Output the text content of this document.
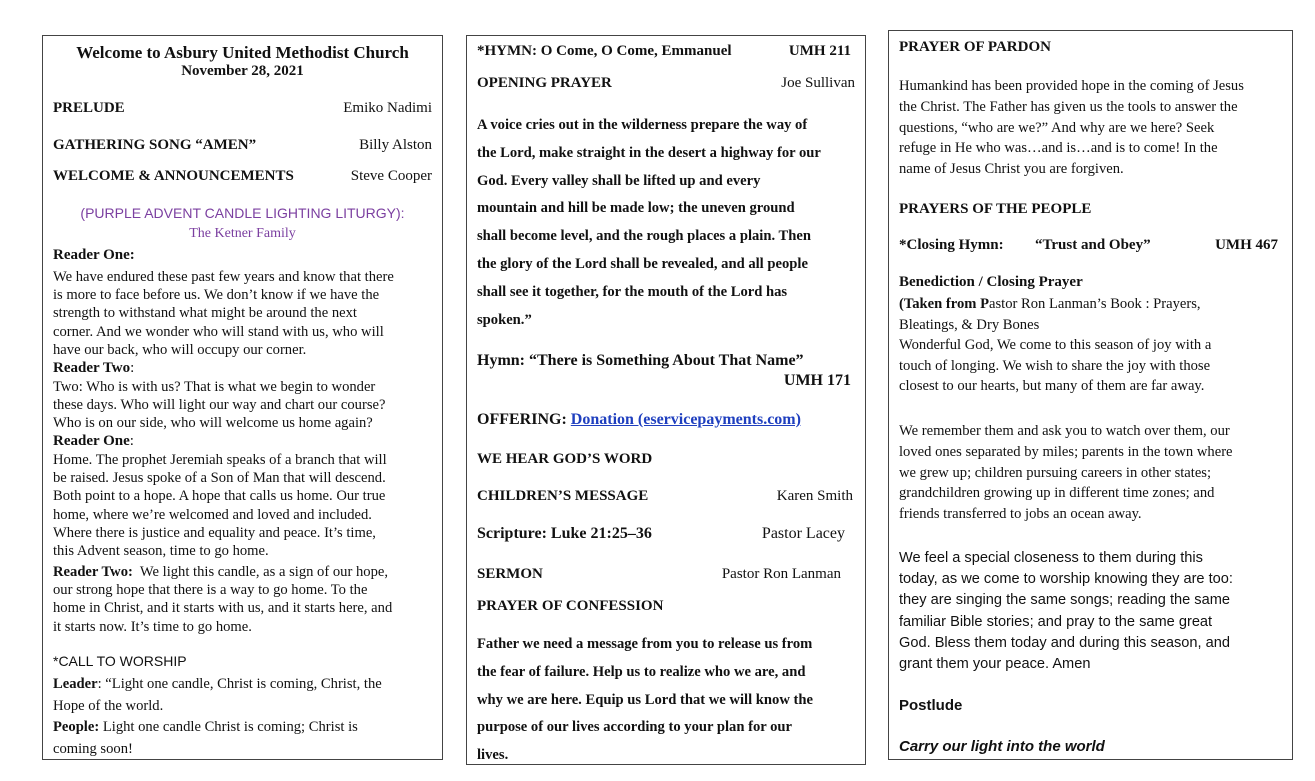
Welcome to Asbury United Methodist Church
November 28, 2021
PRELUDE	Emiko Nadimi
GATHERING SONG “AMEN”	Billy Alston
WELCOME & ANNOUNCEMENTS	Steve Cooper
(PURPLE ADVENT CANDLE LIGHTING LITURGY):
The Ketner Family
Reader One:
We have endured these past few years and know that there
is more to face before us. We don’t know if we have the
strength to withstand what might be around the next
corner. And we wonder who will stand with us, who will
have our back, who will occupy our corner.
Reader Two:
Two: Who is with us? That is what we begin to wonder
these days. Who will light our way and chart our course?
Who is on our side, who will welcome us home again?
Reader One:
Home. The prophet Jeremiah speaks of a branch that will
be raised. Jesus spoke of a Son of Man that will descend.
Both point to a hope. A hope that calls us home. Our true
home, where we’re welcomed and loved and included.
Where there is justice and equality and peace. It’s time,
this Advent season, time to go home.
Reader Two: We light this candle, as a sign of our hope,
our strong hope that there is a way to go home. To the
home in Christ, and it starts with us, and it starts here, and
it starts now. It’s time to go home.
*CALL TO WORSHIP
Leader: “Light one candle, Christ is coming, Christ, the
Hope of the world.
People: Light one candle Christ is coming; Christ is
coming soon!
*HYMN: O Come, O Come, Emmanuel	UMH 211
OPENING PRAYER	Joe Sullivan
A voice cries out in the wilderness prepare the way of
the Lord, make straight in the desert a highway for our
God. Every valley shall be lifted up and every
mountain and hill be made low; the uneven ground
shall become level, and the rough places a plain. Then
the glory of the Lord shall be revealed, and all people
shall see it together, for the mouth of the Lord has
spoken.”
Hymn: “There is Something About That Name”
UMH 171
OFFERING: Donation (eservicepayments.com)
WE HEAR GOD’S WORD
CHILDREN’S MESSAGE	Karen Smith
Scripture: Luke 21:25–36	Pastor Lacey
SERMON	Pastor Ron Lanman
PRAYER OF CONFESSION
Father we need a message from you to release us from
the fear of failure. Help us to realize who we are, and
why we are here. Equip us Lord that we will know the
purpose of our lives according to your plan for our
lives.
PRAYER OF PARDON
Humankind has been provided hope in the coming of Jesus
the Christ. The Father has given us the tools to answer the
questions, “who are we?” And why are we here? Seek
refuge in He who was…and is…and is to come! In the
name of Jesus Christ you are forgiven.
PRAYERS OF THE PEOPLE
*Closing Hymn: “Trust and Obey”	UMH 467
Benediction / Closing Prayer
(Taken from Pastor Ron Lanman’s Book : Prayers,
Bleatings, & Dry Bones
Wonderful God, We come to this season of joy with a
touch of longing. We wish to share the joy with those
closest to our hearts, but many of them are far away.
We remember them and ask you to watch over them, our
loved ones separated by miles; parents in the town where
we grew up; children pursuing careers in other states;
grandchildren growing up in different time zones; and
friends transferred to jobs an ocean away.
We feel a special closeness to them during this
today, as we come to worship knowing they are too:
they are singing the same songs; reading the same
familiar Bible stories; and pray to the same great
God. Bless them today and during this season, and
grant them your peace. Amen
Postlude
Carry our light into the world
